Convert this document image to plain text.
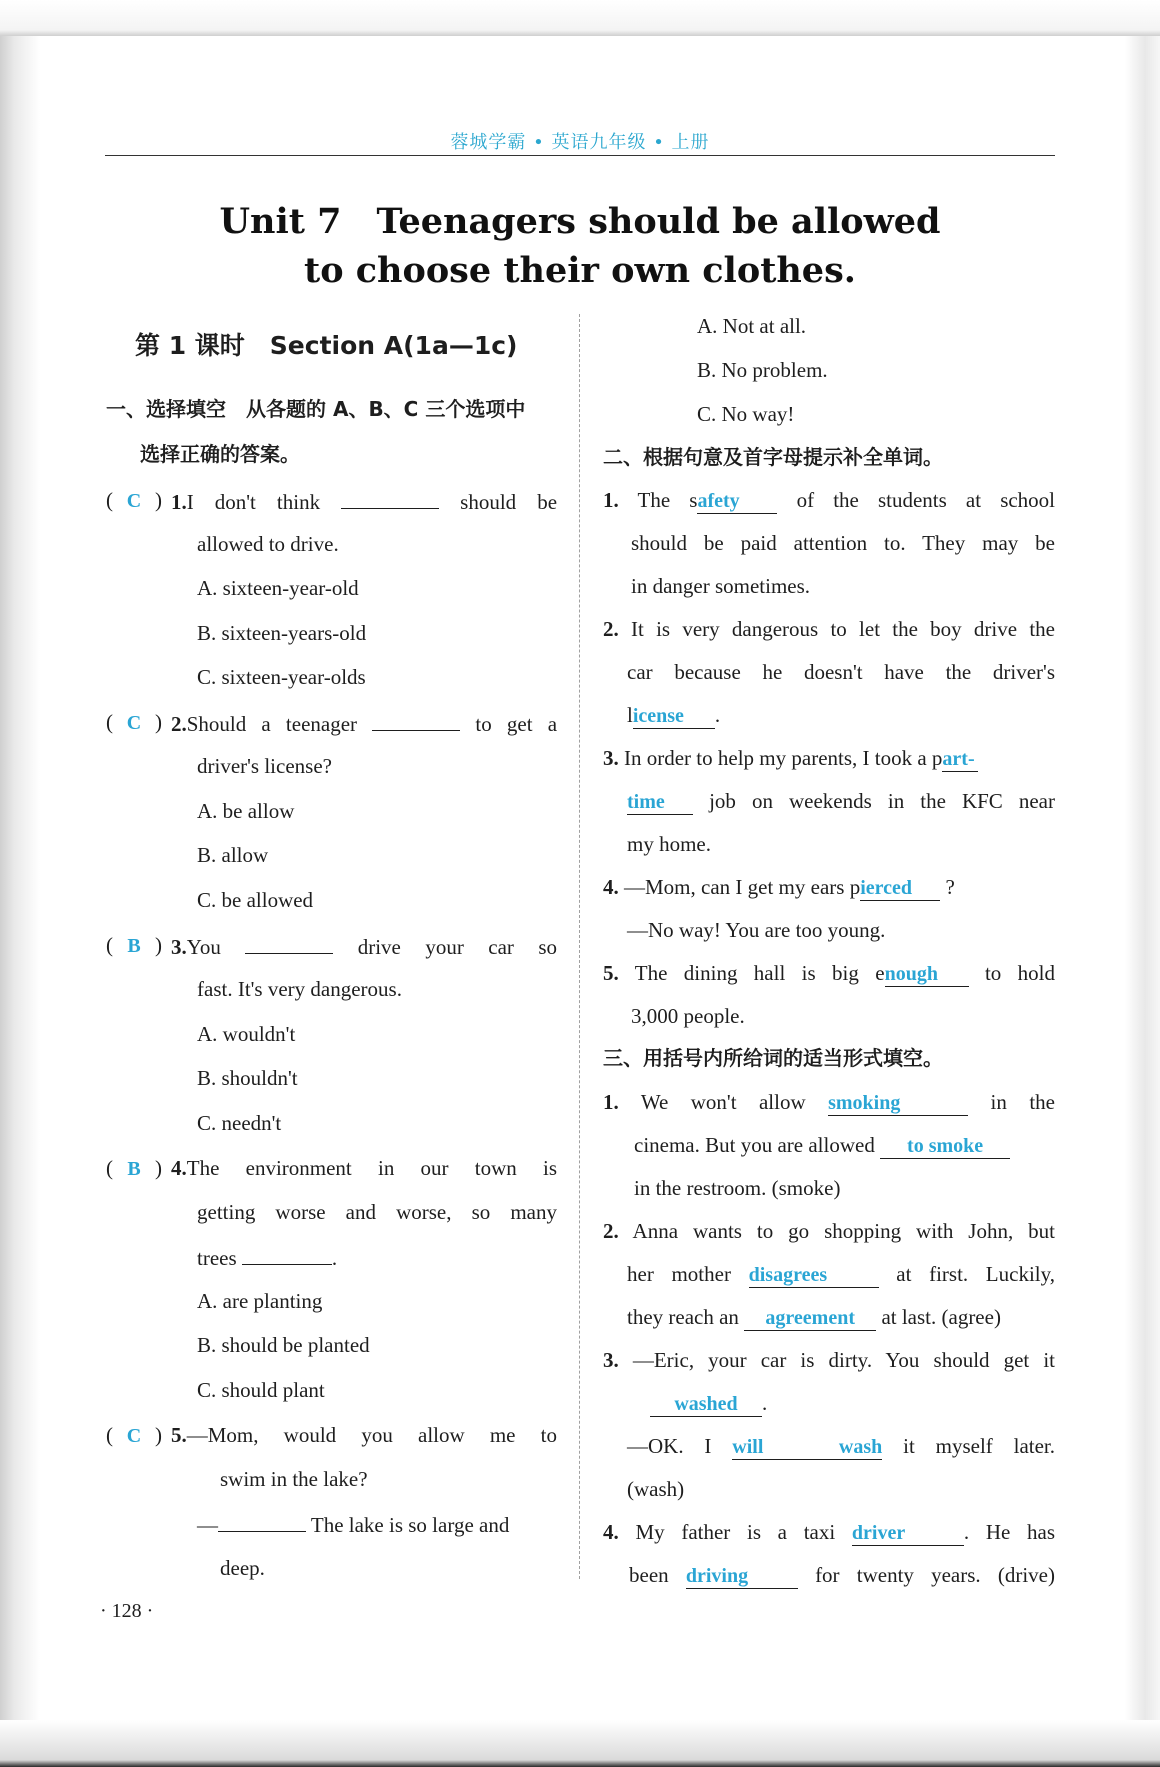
蓉城学霸 • 英语九年级 • 上册
Unit 7　Teenagers should be allowed
to choose their own clothes.
第 1 课时　Section A(1a—1c)
一、选择填空　从各题的 A、B、C 三个选项中
选择正确的答案。
( C ) 1.I don't think	should be
allowed to drive.
A. sixteen-year-old
B. sixteen-years-old
C. sixteen-year-olds
( C ) 2.Should a teenager	to get a
driver's license?
A. be allow
B. allow
C. be allowed
( B ) 3.You	drive your car so
fast. It's very dangerous.
A. wouldn't
B. shouldn't
C. needn't
( B ) 4.The environment in our town is
getting worse and worse, so many
trees	.
A. are planting
B. should be planted
C. should plant
( C ) 5.—Mom, would you allow me to
swim in the lake?
—	The lake is so large and
deep.
A. Not at all.
B. No problem.
C. No way!
二、根据句意及首字母提示补全单词。
1. The safety	of the students at school
should be paid attention to. They may be
in danger sometimes.
2. It is very dangerous to let the boy drive the
car because he doesn't have the driver's
license .
3. In order to help my parents, I took a part-
time job on weekends in the KFC near
my home.
4. —Mom, can I get my ears pierced ?
—No way! You are too young.
5. The dining hall is big enough to hold
3,000 people.
三、用括号内所给词的适当形式填空。
1. We won't allow smoking	in the
cinema. But you are allowed to smoke
in the restroom. (smoke)
2. Anna wants to go shopping with John, but
her mother disagrees	at first. Luckily,
they reach an agreement at last. (agree)
3. —Eric, your car is dirty. You should get it
washed .
—OK. I will wash it myself later.
(wash)
4. My father is a taxi driver	. He has
been driving	for twenty years. (drive)
· 128 ·
